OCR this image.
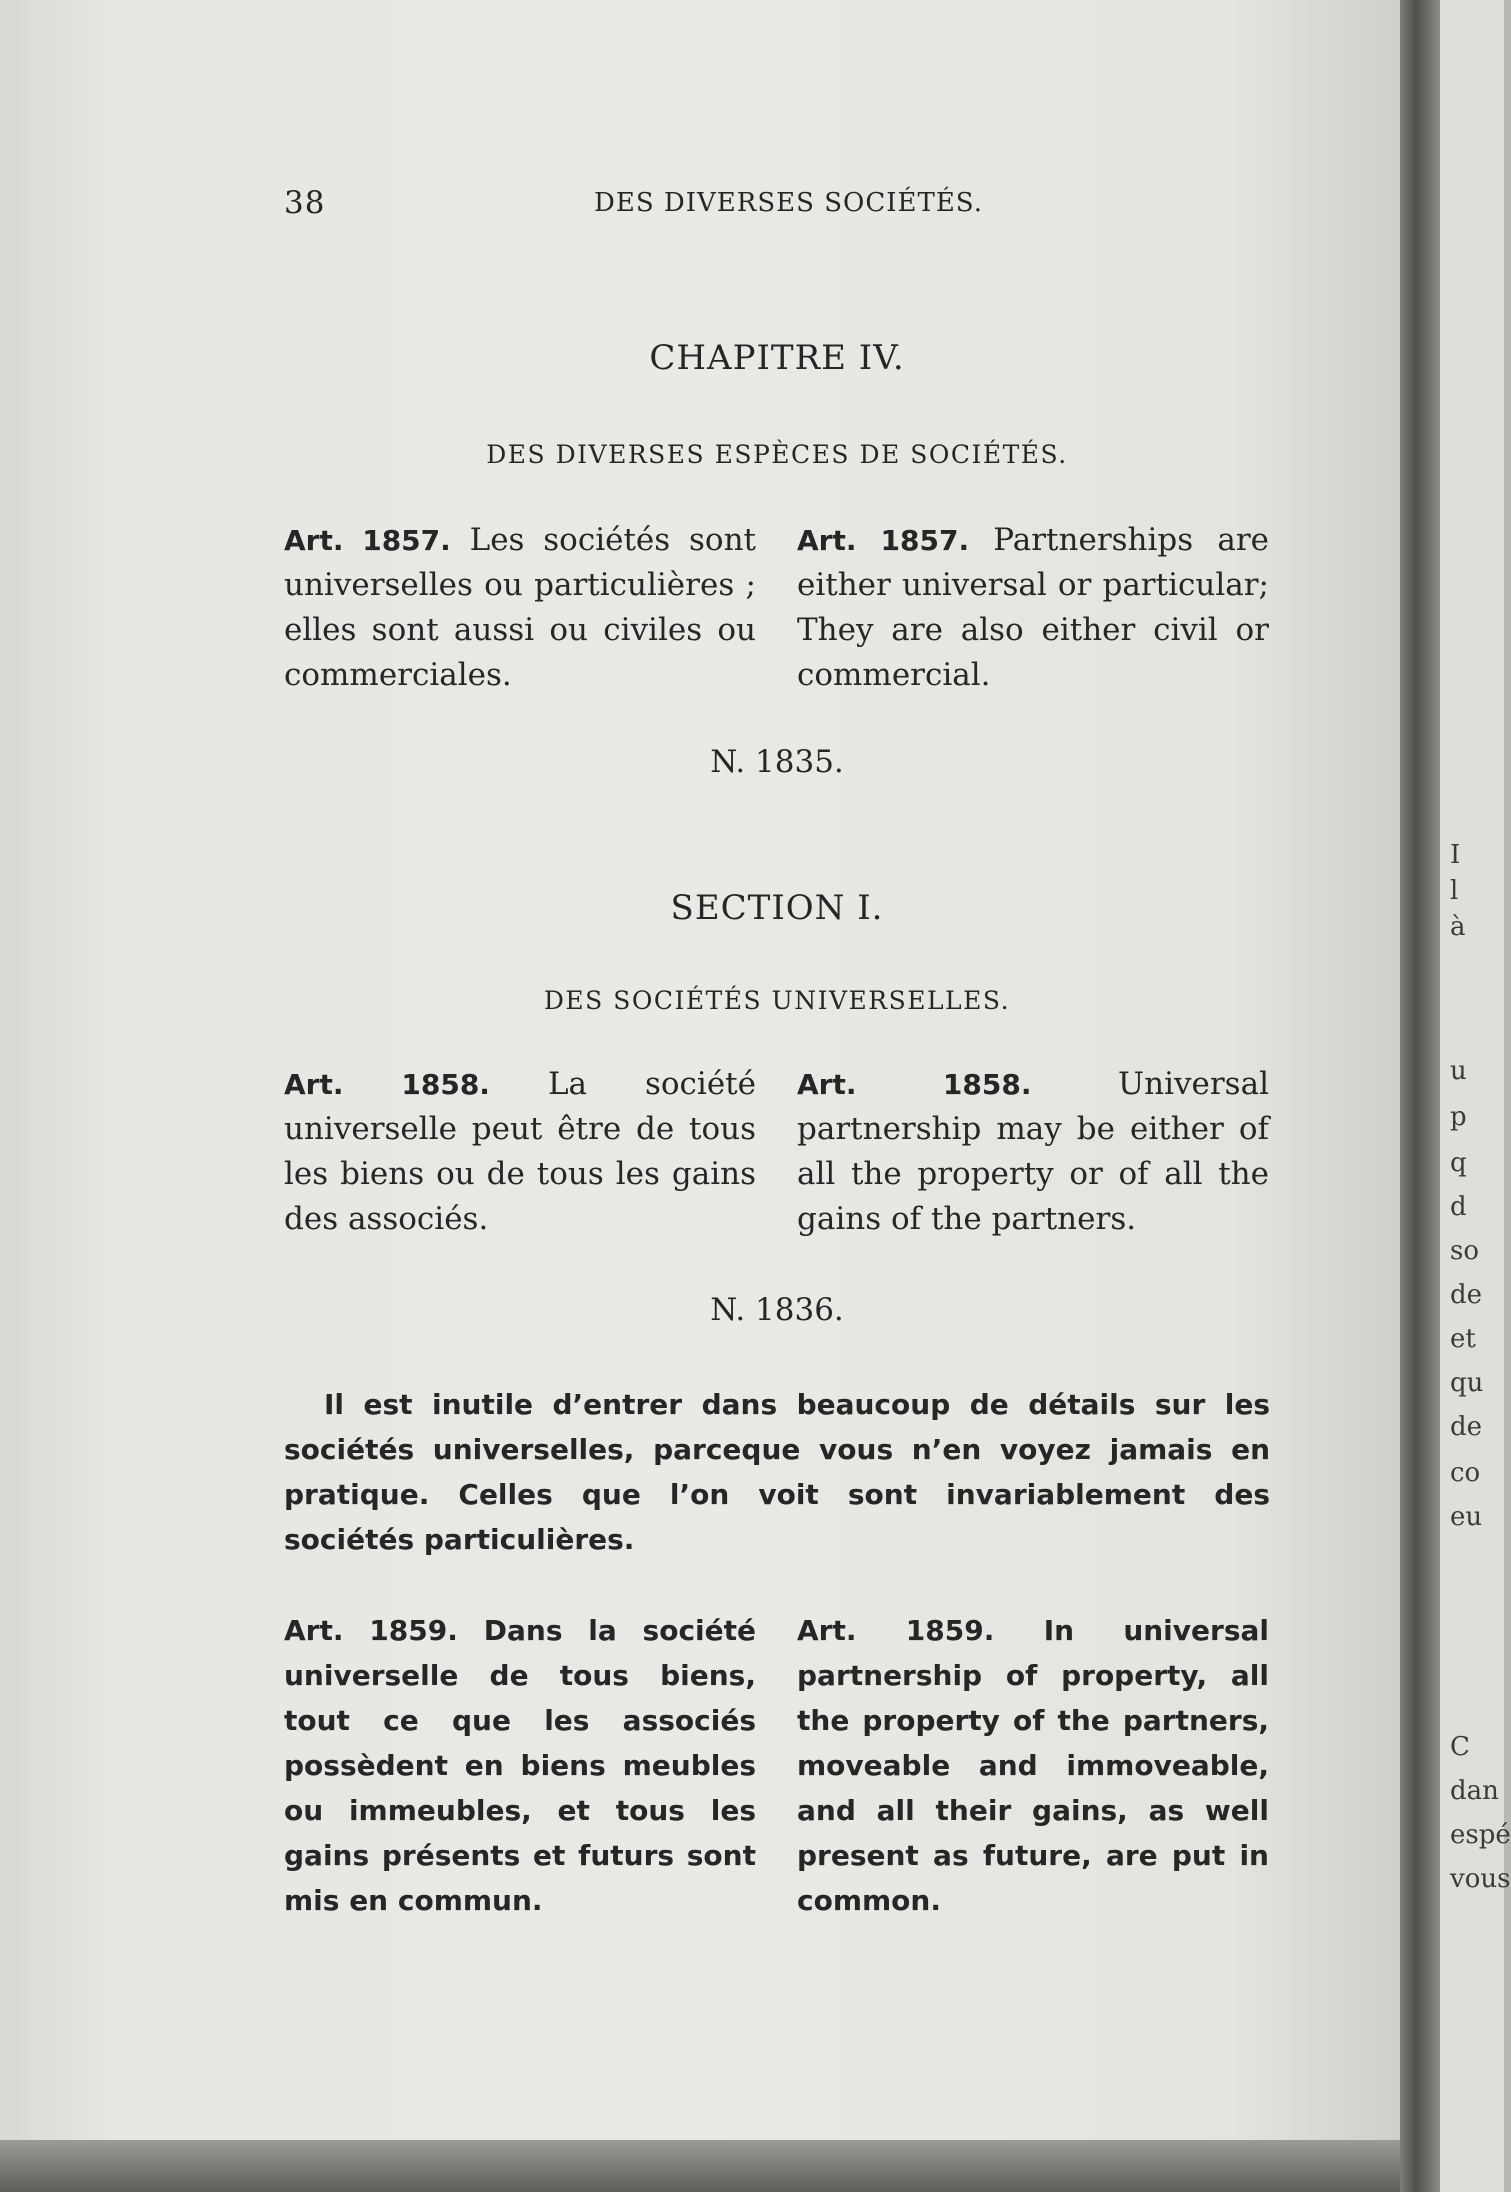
38	DES DIVERSES SOCIÉTÉS.
CHAPITRE IV.
DES DIVERSES ESPÈCES DE SOCIÉTÉS.
Art. 1857. Les sociétés sont universelles ou particulières ; elles sont aussi ou civiles ou commerciales.
Art. 1857. Partnerships are either universal or particular; They are also either civil or commercial.
N. 1835.
SECTION I.
DES SOCIÉTÉS UNIVERSELLES.
Art. 1858. La société universelle peut être de tous les biens ou de tous les gains des associés.
Art. 1858.	Universal partnership may be either of all the property or of all the gains of the partners.
N. 1836.
Il est inutile d’entrer dans beaucoup de détails sur les sociétés universelles, parceque vous n’en voyez jamais en pratique. Celles que l’on voit sont invariablement des sociétés particulières.
Art. 1859. Dans la société universelle de tous biens, tout ce que les associés possèdent en biens meubles ou immeubles, et tous les gains présents et futurs sont mis en commun.
Art. 1859. In universal partnership of property, all the property of the partners, moveable and immoveable, and all their gains, as well present as future, are put in common.
I
l
à
u
p
q
d
so
de
et
qu
de
co
eu
C
dan
espé
vous
